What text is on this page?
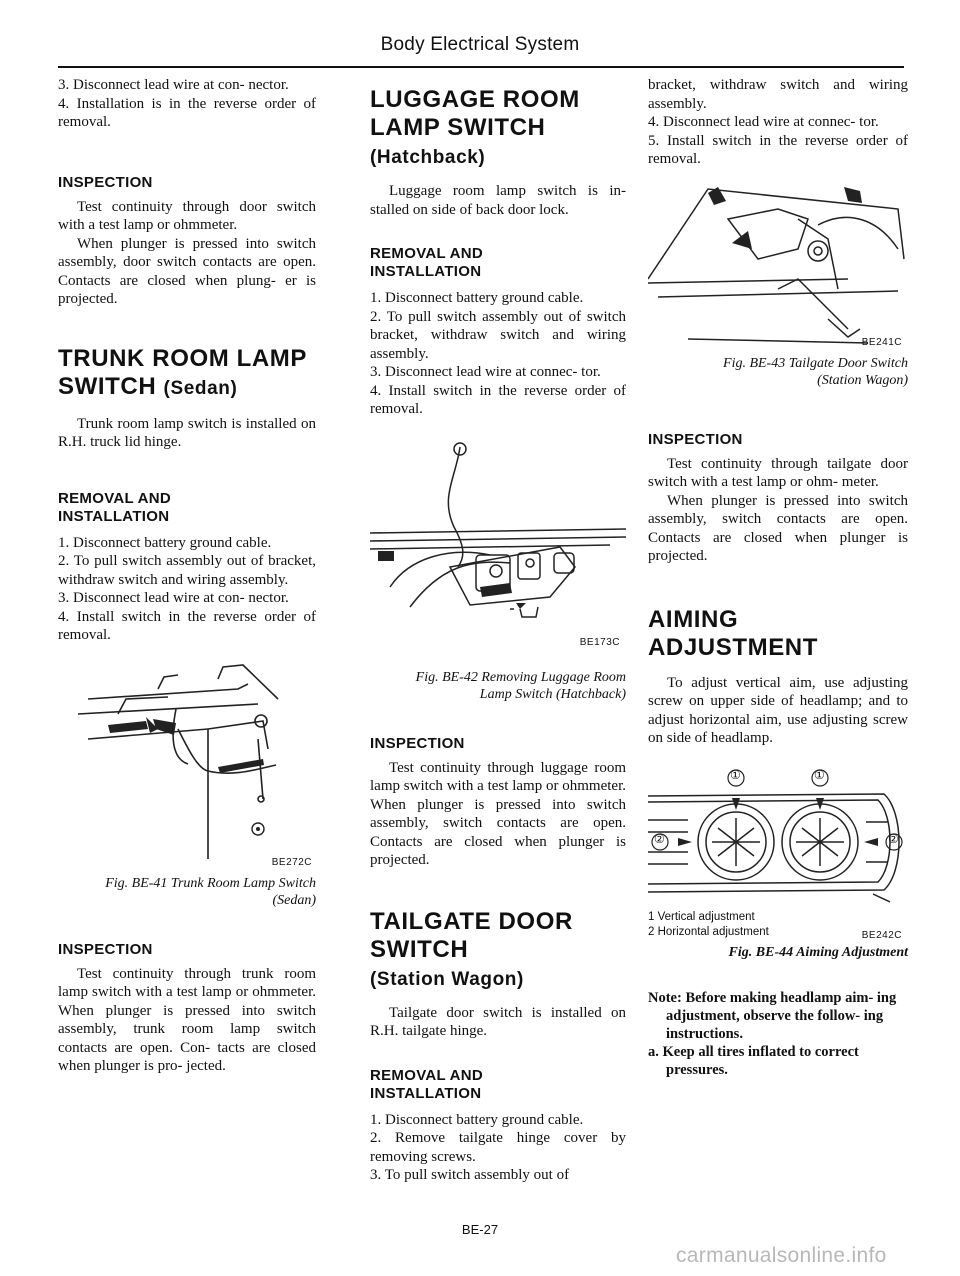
Body Electrical System

3. Disconnect lead wire at con- nector.

4. Installation is in the reverse order of removal.

INSPECTION

Test continuity through door switch with a test lamp or ohmmeter.

When plunger is pressed into switch assembly, door switch contacts are open. Contacts are closed when plung- er is projected.

TRUNK ROOM LAMP
SWITCH (Sedan)

Trunk room lamp switch is installed on R.H. truck lid hinge.

REMOVAL AND
INSTALLATION

1. Disconnect battery ground cable.

2. To pull switch assembly out of bracket, withdraw switch and wiring assembly.

3. Disconnect lead wire at con- nector.

4. Install switch in the reverse order of removal.

BE272C
Fig. BE-41 Trunk Room Lamp Switch
(Sedan)
INSPECTION

Test continuity through trunk room lamp switch with a test lamp or ohmmeter. When plunger is pressed into switch assembly, trunk room lamp switch contacts are open. Con- tacts are closed when plunger is pro- jected.

LUGGAGE ROOM
LAMP SWITCH
(Hatchback)

Luggage room lamp switch is in- stalled on side of back door lock.

REMOVAL AND
INSTALLATION

1. Disconnect battery ground cable.

2. To pull switch assembly out of switch bracket, withdraw switch and wiring assembly.

3. Disconnect lead wire at connec- tor.

4. Install switch in the reverse order of removal.

BE173C
Fig. BE-42 Removing Luggage Room
Lamp Switch (Hatchback)
INSPECTION

Test continuity through luggage room lamp switch with a test lamp or ohmmeter. When plunger is pressed into switch assembly, switch contacts are open. Contacts are closed when plunger is projected.

TAILGATE DOOR
SWITCH
(Station Wagon)

Tailgate door switch is installed on R.H. tailgate hinge.

REMOVAL AND
INSTALLATION

1. Disconnect battery ground cable.

2. Remove tailgate hinge cover by removing screws.

3. To pull switch assembly out of

bracket, withdraw switch and wiring assembly.

4. Disconnect lead wire at connec- tor.

5. Install switch in the reverse order of removal.

BE241C
Fig. BE-43 Tailgate Door Switch
(Station Wagon)
INSPECTION

Test continuity through tailgate door switch with a test lamp or ohm- meter.

When plunger is pressed into switch assembly, switch contacts are open. Contacts are closed when plunger is projected.

AIMING
ADJUSTMENT

To adjust vertical aim, use adjusting screw on upper side of headlamp; and to adjust horizontal aim, use adjusting screw on side of headlamp.

①	①
②	②
1 Vertical adjustment
2 Horizontal adjustment	BE242C
Fig. BE-44 Aiming Adjustment

Note: Before making headlamp aim- ing adjustment, observe the follow- ing instructions.

a. Keep all tires inflated to correct pressures.

BE-27
carmanualsonline.info
